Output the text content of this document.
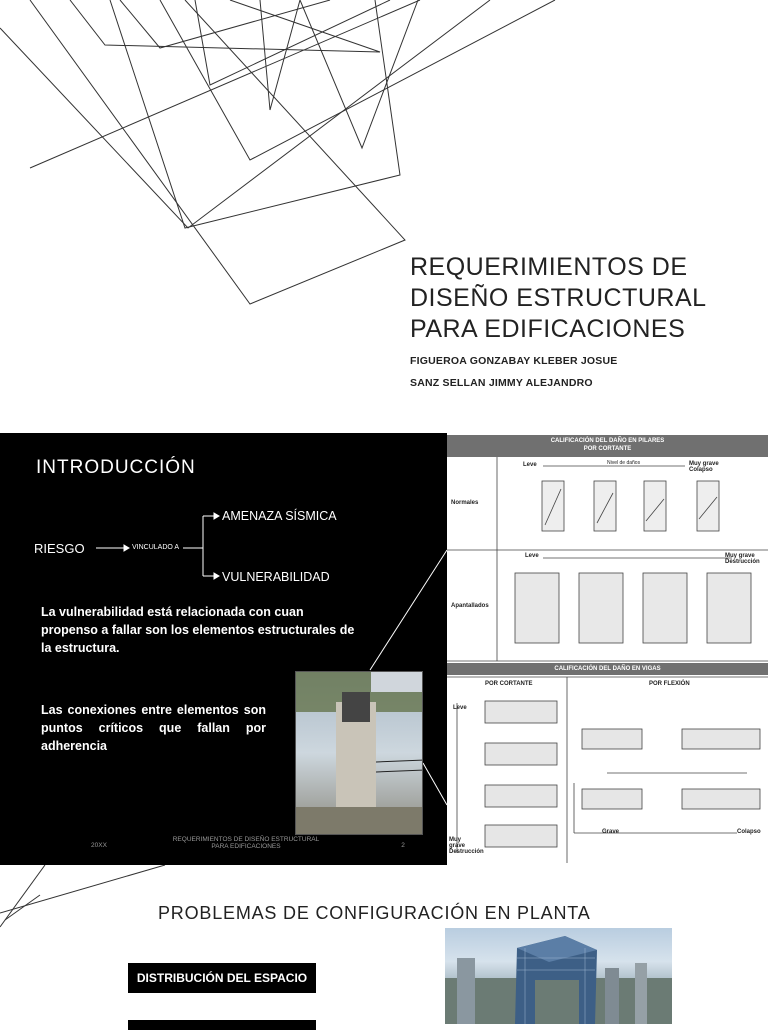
REQUERIMIENTOS DE
DISEÑO ESTRUCTURAL
PARA EDIFICACIONES
FIGUEROA GONZABAY KLEBER JOSUE
SANZ SELLAN JIMMY ALEJANDRO
INTRODUCCIÓN
RIESGO	VINCULADO A
AMENAZA SÍSMICA
VULNERABILIDAD
La vulnerabilidad está relacionada con cuan propenso a fallar son los elementos estructurales de la estructura.
Las conexiones entre elementos son puntos críticos que fallan por adherencia
20XX
REQUERIMIENTOS DE DISEÑO ESTRUCTURAL
PARA EDIFICACIONES	2
CALIFICACIÓN DEL DAÑO EN PILARES
POR CORTANTE
Leve	Nivel de daños	Muy grave Colapso
Normales
Apantallados
Leve	Muy grave Destrucción
CALIFICACIÓN DEL DAÑO EN VIGAS
POR CORTANTE	POR FLEXIÓN
Leve
Muy grave Destrucción
Colapso
Grave
PROBLEMAS DE CONFIGURACIÓN EN PLANTA
DISTRIBUCIÓN DEL ESPACIO
